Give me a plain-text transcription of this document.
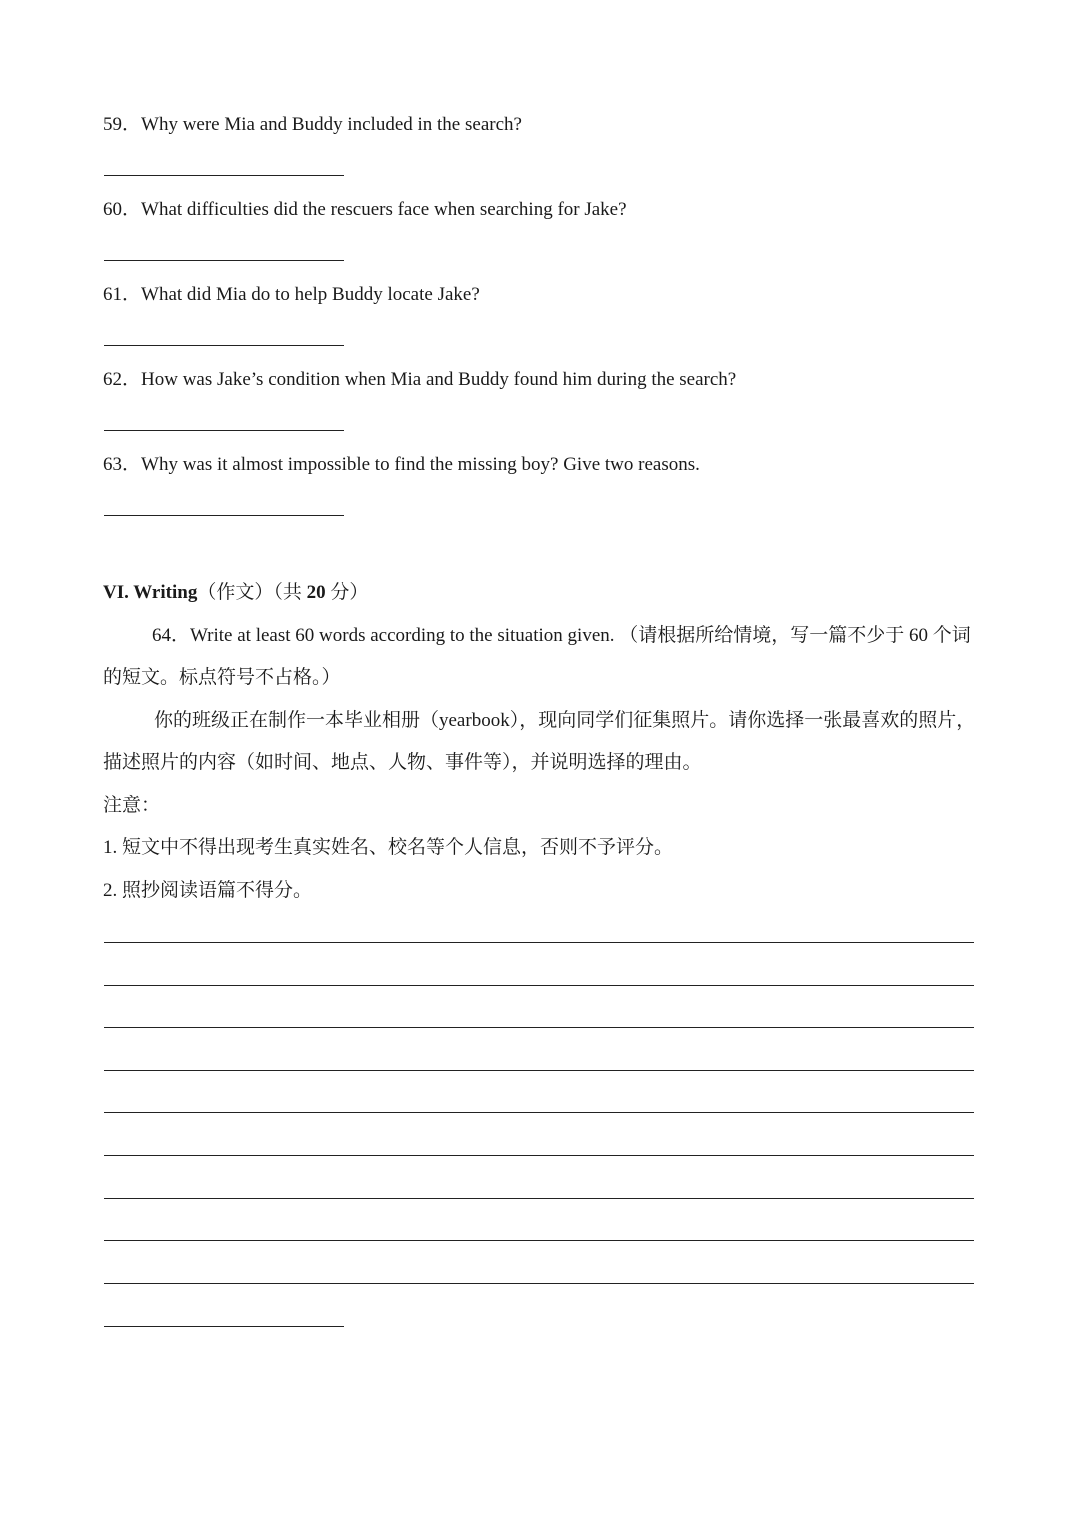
59．Why were Mia and Buddy included in the search?
60．What difficulties did the rescuers face when searching for Jake?
61．What did Mia do to help Buddy locate Jake?
62．How was Jake’s condition when Mia and Buddy found him during the search?
63．Why was it almost impossible to find the missing boy? Give two reasons.
VI. Writing（作文）（共 20 分）
64．Write at least 60 words according to the situation given. （请根据所给情境，写一篇不少于 60 个词
的短文。标点符号不占格。）
你的班级正在制作一本毕业相册（yearbook），现向同学们征集照片。请你选择一张最喜欢的照片，
描述照片的内容（如时间、地点、人物、事件等），并说明选择的理由。
注意：
1. 短文中不得出现考生真实姓名、校名等个人信息，否则不予评分。
2. 照抄阅读语篇不得分。
